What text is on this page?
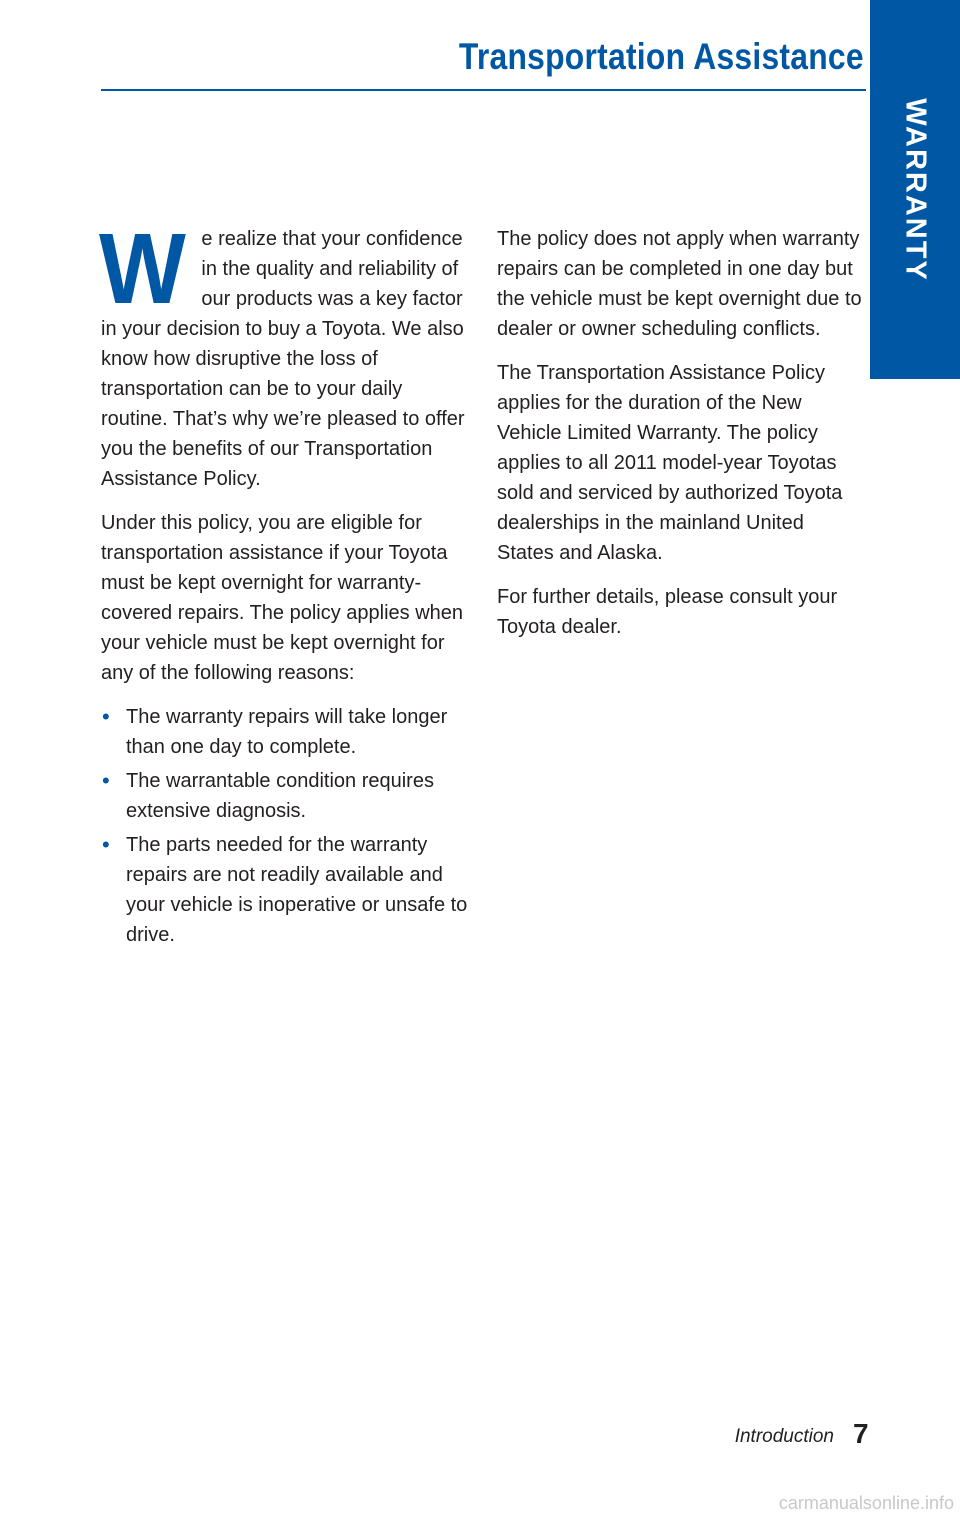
Transportation Assistance
WARRANTY

We realize that your confidence in the quality and reliability of our products was a key factor in your decision to buy a Toyota. We also know how disruptive the loss of transportation can be to your daily routine. That’s why we’re pleased to offer you the benefits of our Transportation Assistance Policy.

Under this policy, you are eligible for transportation assistance if your Toyota must be kept overnight for warranty-covered repairs. The policy applies when your vehicle must be kept overnight for any of the following reasons:

• The warranty repairs will take longer than one day to complete.
• The warrantable condition requires extensive diagnosis.
• The parts needed for the warranty repairs are not readily available and your vehicle is inoperative or unsafe to drive.

The policy does not apply when warranty repairs can be completed in one day but the vehicle must be kept overnight due to dealer or owner scheduling conflicts.

The Transportation Assistance Policy applies for the duration of the New Vehicle Limited Warranty. The policy applies to all 2011 model-year Toyotas sold and serviced by authorized Toyota dealerships in the mainland United States and Alaska.

For further details, please consult your Toyota dealer.

Introduction 7
carmanualsonline.info
